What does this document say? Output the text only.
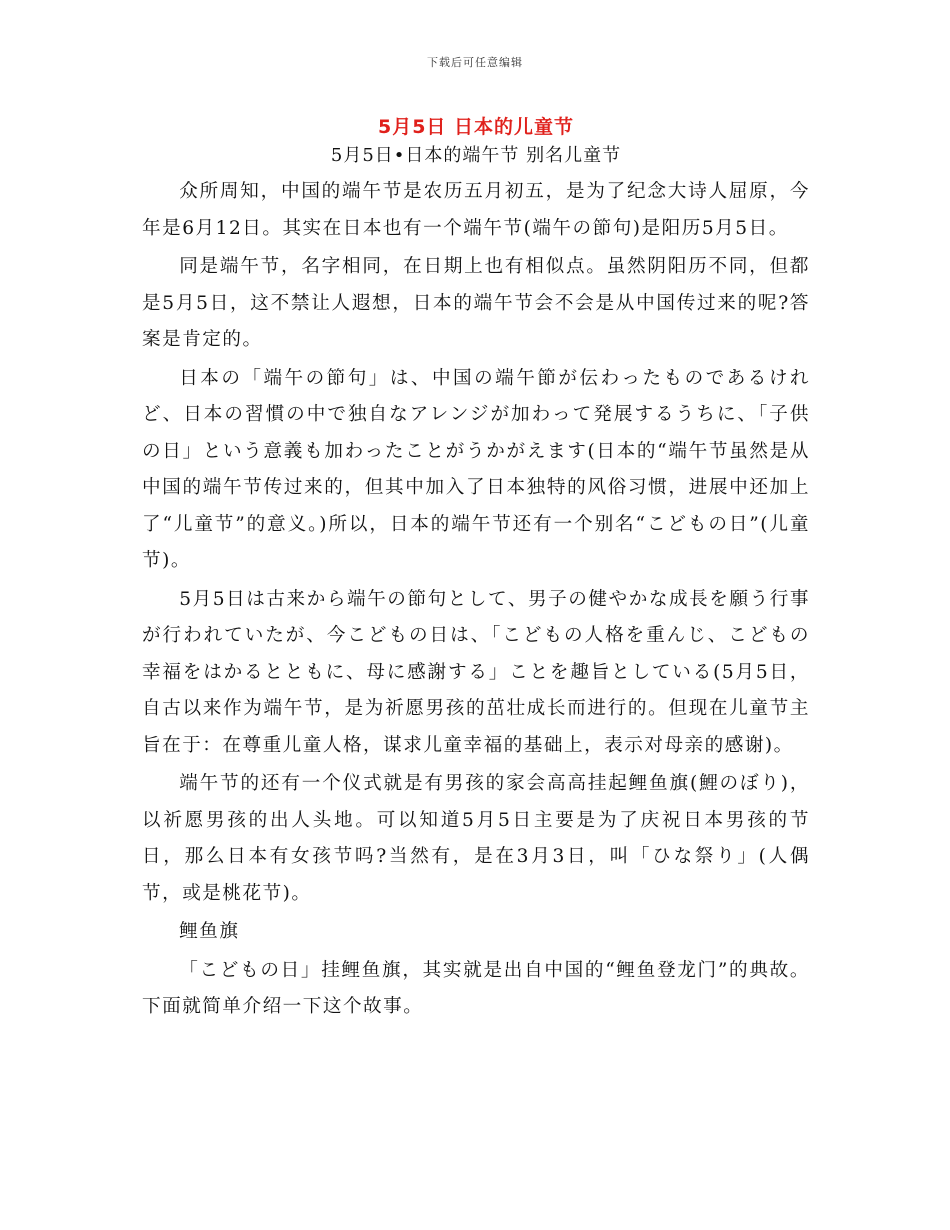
下载后可任意编辑
5月5日 日本的儿童节

5月5日•日本的端午节 别名儿童节

众所周知，中国的端午节是农历五月初五，是为了纪念大诗人屈原，今年是6月12日。其实在日本也有一个端午节(端午の節句)是阳历5月5日。

同是端午节，名字相同，在日期上也有相似点。虽然阴阳历不同，但都是5月5日，这不禁让人遐想，日本的端午节会不会是从中国传过来的呢?答案是肯定的。

日本の「端午の節句」は、中国の端午節が伝わったものであるけれど、日本の習慣の中で独自なアレンジが加わって発展するうちに、「子供の日」という意義も加わったことがうかがえます(日本的“端午节虽然是从中国的端午节传过来的，但其中加入了日本独特的风俗习惯，进展中还加上了“儿童节”的意义。)所以，日本的端午节还有一个别名“こどもの日”(儿童节)。

5月5日は古来から端午の節句として、男子の健やかな成長を願う行事が行われていたが、今こどもの日は、「こどもの人格を重んじ、こどもの幸福をはかるとともに、母に感謝する」ことを趣旨としている(5月5日，自古以来作为端午节，是为祈愿男孩的茁壮成长而进行的。但现在儿童节主旨在于：在尊重儿童人格，谋求儿童幸福的基础上，表示对母亲的感谢)。

端午节的还有一个仪式就是有男孩的家会高高挂起鲤鱼旗(鯉のぼり)，以祈愿男孩的出人头地。可以知道5月5日主要是为了庆祝日本男孩的节日，那么日本有女孩节吗?当然有，是在3月3日，叫「ひな祭り」(人偶节，或是桃花节)。

鲤鱼旗

「こどもの日」挂鲤鱼旗，其实就是出自中国的“鲤鱼登龙门”的典故。下面就简单介绍一下这个故事。
